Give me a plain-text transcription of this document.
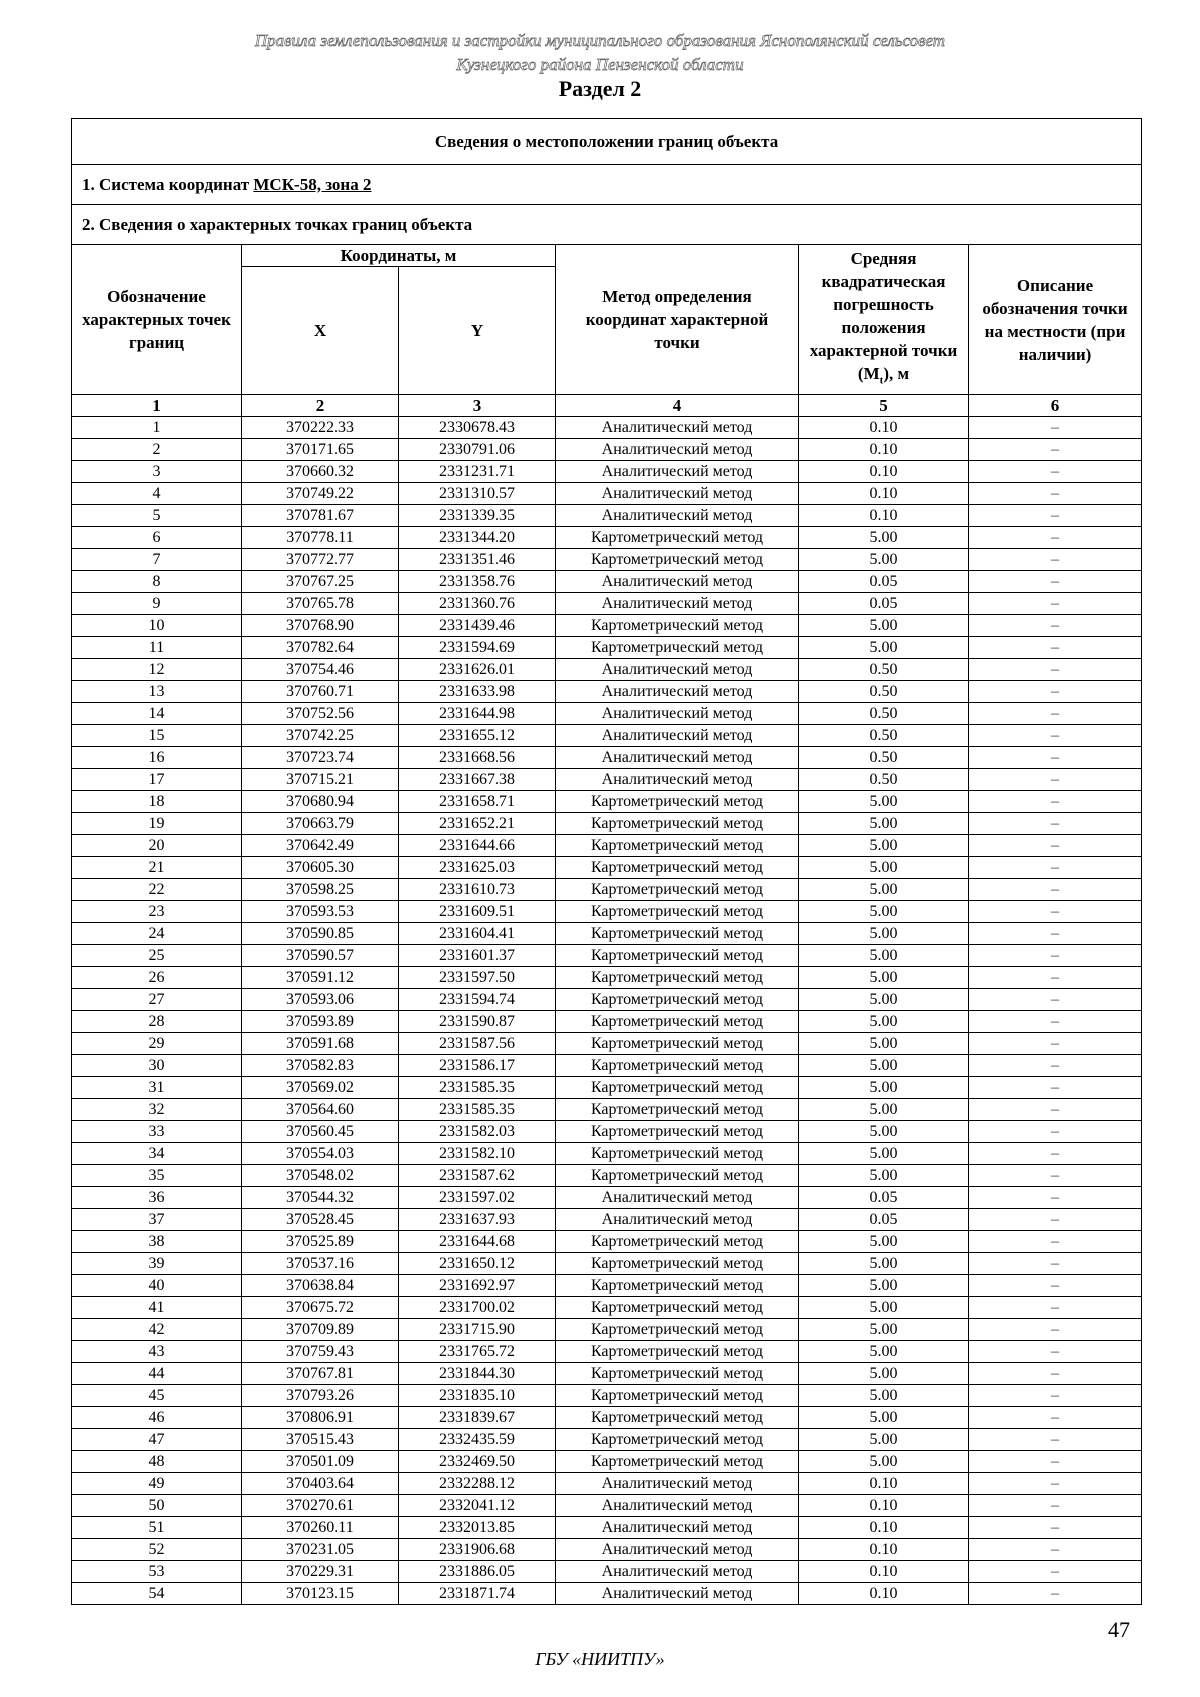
Правила землепользования и застройки муниципального образования Яснополянский сельсовет
Кузнецкого района Пензенской области
Раздел 2
Сведения о местоположении границ объекта					
1. Система координат МСК-58, зона 2					
2. Сведения о характерных точках границ объекта					
Обозначение характерных точек границ	Координаты, м		Метод определения координат характерной точки	Средняя квадратическая погрешность положения характерной точки $(M_t)$, м	Описание обозначения точки на местности (при наличии)
	X	Y			
1	2	3	4	5	6
1	370222.33	2330678.43	Аналитический метод	0.10	–
2	370171.65	2330791.06	Аналитический метод	0.10	–
3	370660.32	2331231.71	Аналитический метод	0.10	–
4	370749.22	2331310.57	Аналитический метод	0.10	–
5	370781.67	2331339.35	Аналитический метод	0.10	–
6	370778.11	2331344.20	Картометрический метод	5.00	–
7	370772.77	2331351.46	Картометрический метод	5.00	–
8	370767.25	2331358.76	Аналитический метод	0.05	–
9	370765.78	2331360.76	Аналитический метод	0.05	–
10	370768.90	2331439.46	Картометрический метод	5.00	–
11	370782.64	2331594.69	Картометрический метод	5.00	–
12	370754.46	2331626.01	Аналитический метод	0.50	–
13	370760.71	2331633.98	Аналитический метод	0.50	–
14	370752.56	2331644.98	Аналитический метод	0.50	–
15	370742.25	2331655.12	Аналитический метод	0.50	–
16	370723.74	2331668.56	Аналитический метод	0.50	–
17	370715.21	2331667.38	Аналитический метод	0.50	–
18	370680.94	2331658.71	Картометрический метод	5.00	–
19	370663.79	2331652.21	Картометрический метод	5.00	–
20	370642.49	2331644.66	Картометрический метод	5.00	–
21	370605.30	2331625.03	Картометрический метод	5.00	–
22	370598.25	2331610.73	Картометрический метод	5.00	–
23	370593.53	2331609.51	Картометрический метод	5.00	–
24	370590.85	2331604.41	Картометрический метод	5.00	–
25	370590.57	2331601.37	Картометрический метод	5.00	–
26	370591.12	2331597.50	Картометрический метод	5.00	–
27	370593.06	2331594.74	Картометрический метод	5.00	–
28	370593.89	2331590.87	Картометрический метод	5.00	–
29	370591.68	2331587.56	Картометрический метод	5.00	–
30	370582.83	2331586.17	Картометрический метод	5.00	–
31	370569.02	2331585.35	Картометрический метод	5.00	–
32	370564.60	2331585.35	Картометрический метод	5.00	–
33	370560.45	2331582.03	Картометрический метод	5.00	–
34	370554.03	2331582.10	Картометрический метод	5.00	–
35	370548.02	2331587.62	Картометрический метод	5.00	–
36	370544.32	2331597.02	Аналитический метод	0.05	–
37	370528.45	2331637.93	Аналитический метод	0.05	–
38	370525.89	2331644.68	Картометрический метод	5.00	–
39	370537.16	2331650.12	Картометрический метод	5.00	–
40	370638.84	2331692.97	Картометрический метод	5.00	–
41	370675.72	2331700.02	Картометрический метод	5.00	–
42	370709.89	2331715.90	Картометрический метод	5.00	–
43	370759.43	2331765.72	Картометрический метод	5.00	–
44	370767.81	2331844.30	Картометрический метод	5.00	–
45	370793.26	2331835.10	Картометрический метод	5.00	–
46	370806.91	2331839.67	Картометрический метод	5.00	–
47	370515.43	2332435.59	Картометрический метод	5.00	–
48	370501.09	2332469.50	Картометрический метод	5.00	–
49	370403.64	2332288.12	Аналитический метод	0.10	–
50	370270.61	2332041.12	Аналитический метод	0.10	–
51	370260.11	2332013.85	Аналитический метод	0.10	–
52	370231.05	2331906.68	Аналитический метод	0.10	–
53	370229.31	2331886.05	Аналитический метод	0.10	–
54	370123.15	2331871.74	Аналитический метод	0.10	–
47
ГБУ «НИИТПУ»
